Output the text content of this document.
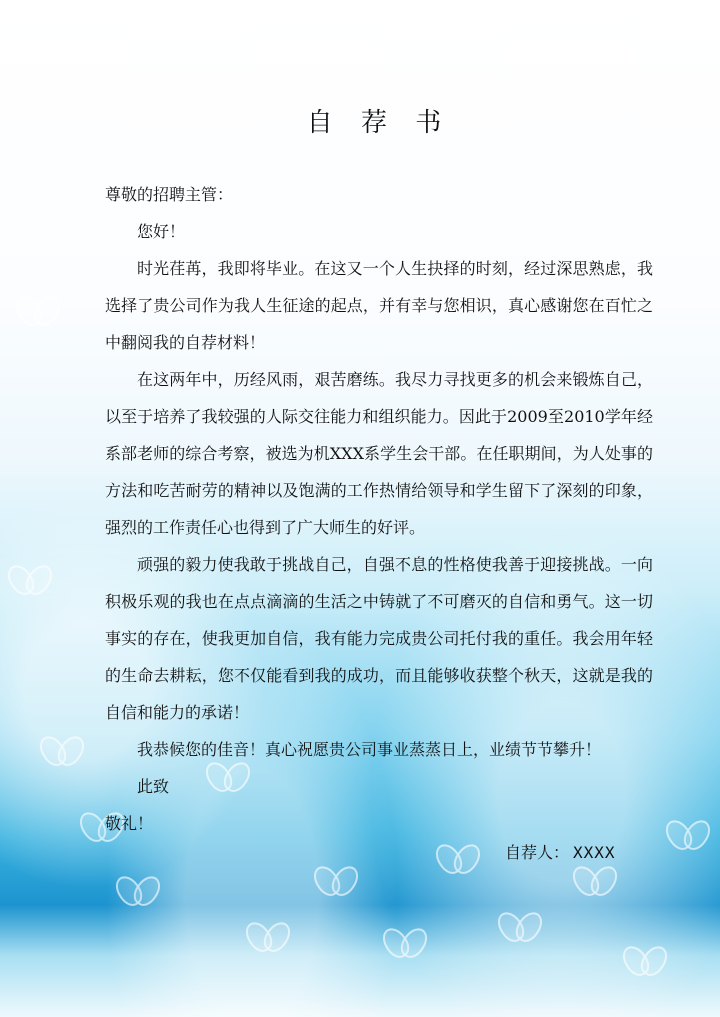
自 荐 书

尊敬的招聘主管：

您好！

时光荏苒，我即将毕业。在这又一个人生抉择的时刻，经过深思熟虑，我选择了贵公司作为我人生征途的起点，并有幸与您相识，真心感谢您在百忙之中翻阅我的自荐材料！

在这两年中，历经风雨，艰苦磨练。我尽力寻找更多的机会来锻炼自己，以至于培养了我较强的人际交往能力和组织能力。因此于2009至2010学年经系部老师的综合考察，被选为机XXX系学生会干部。在任职期间，为人处事的方法和吃苦耐劳的精神以及饱满的工作热情给领导和学生留下了深刻的印象，强烈的工作责任心也得到了广大师生的好评。

顽强的毅力使我敢于挑战自己，自强不息的性格使我善于迎接挑战。一向积极乐观的我也在点点滴滴的生活之中铸就了不可磨灭的自信和勇气。这一切事实的存在，使我更加自信，我有能力完成贵公司托付我的重任。我会用年轻的生命去耕耘，您不仅能看到我的成功，而且能够收获整个秋天，这就是我的自信和能力的承诺！

我恭候您的佳音！真心祝愿贵公司事业蒸蒸日上，业绩节节攀升！

此致

敬礼！

自荐人： XXXX
